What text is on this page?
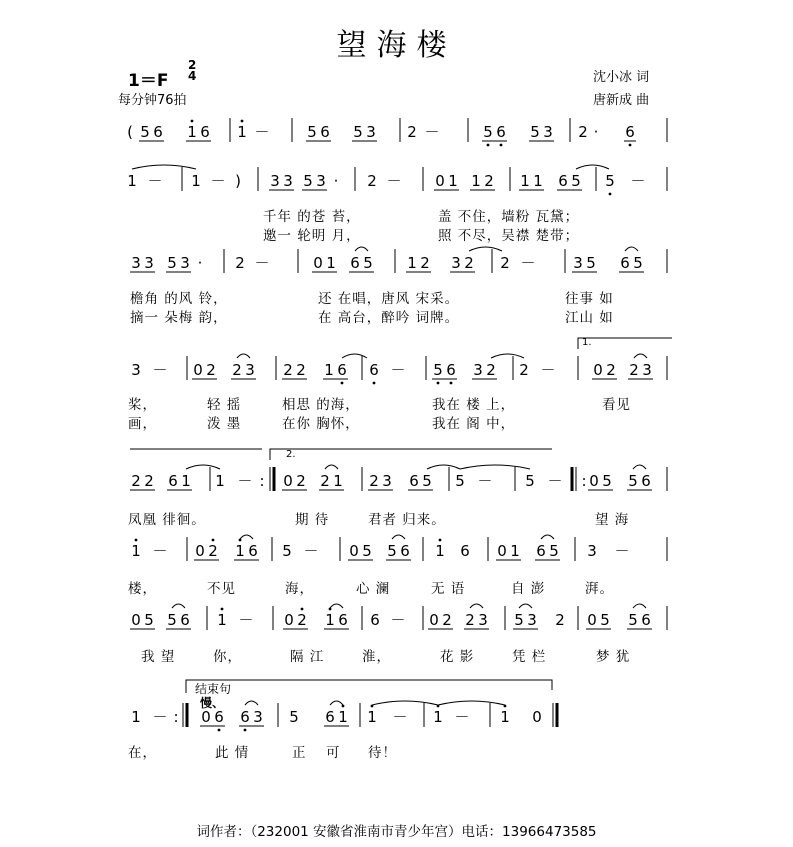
望海楼
1＝F
2
4
每分钟76拍
沈小冰 词
唐新成 曲
( 5 6 1 6 1 －	5 6 5 3 2 －	5 6 5 3 2 · 6
1 － 1 － ) 3 3 5 3 · 2 － 0 1 1 2 1 1 6 5 5 －
3 3 5 3 · 2 －	0 1 6 5 1 2 3 2 2 －	3 5 6 5
3 － 0 2 2 3 2 2 1 6 6 － 5 6 3 2 2 －	0 2 2 3
2 2 6 1 1 － : 0 2 2 1 2 3 6 5 5 － 5 － : 0 5 5 6
1 － 0 2 1 6 5 － 0 5 5 6 1 6 0 1 6 5 3 －
0 5 5 6 1 － 0 2 1 6 6 － 0 2 2 3 5 3 2 0 5 5 6
1 － : 0 6 6 3 5 6 1 1 － 1 － 1 0
千年 的苍 苔，	盖 不住，墙粉 瓦黛；
邀一 轮明 月，	照 不尽，吴襟 楚带；
檐角 的风 铃，	还 在唱，唐风 宋采。	往事 如
摘一 朵梅 韵，	在 高台，醉吟 词牌。	江山 如
桨，	轻 摇	相思 的海，	我在 楼 上，	看见
画，	泼 墨	在你 胸怀，	我在 阁 中，
凤凰 徘徊。	期 待	君者 归来。	望 海
楼，	不见	海，	心 澜	无 语	自 澎	湃。
我 望	你，	隔 江	淮，	花 影	凭 栏	梦 犹
在，	此 情	正 可 待！
1.
2.
结束句
慢、
词作者：（232001 安徽省淮南市青少年宫）电话：13966473585
